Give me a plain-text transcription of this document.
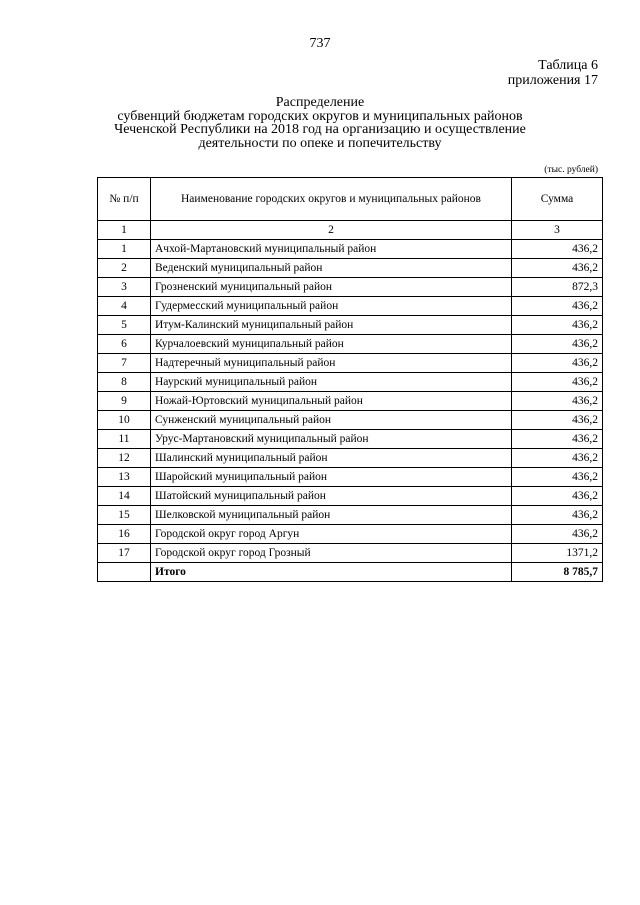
737
Таблица 6
приложения 17
Распределение
субвенций бюджетам городских округов и муниципальных районов
Чеченской Республики на 2018 год на организацию и осуществление
деятельности по опеке и попечительству
(тыс. рублей)
№ п/п	Наименование городских округов и муниципальных районов	Сумма
1	2	3
1	Ачхой-Мартановский муниципальный район	436,2
2	Веденский муниципальный район	436,2
3	Грозненский муниципальный район	872,3
4	Гудермесский муниципальный район	436,2
5	Итум-Калинский муниципальный район	436,2
6	Курчалоевский муниципальный район	436,2
7	Надтеречный муниципальный район	436,2
8	Наурский муниципальный район	436,2
9	Ножай-Юртовский муниципальный район	436,2
10	Сунженский муниципальный район	436,2
11	Урус-Мартановский муниципальный район	436,2
12	Шалинский муниципальный район	436,2
13	Шаройский муниципальный район	436,2
14	Шатойский муниципальный район	436,2
15	Шелковской муниципальный район	436,2
16	Городской округ город Аргун	436,2
17	Городской округ город Грозный	1371,2
	Итого	8 785,7
